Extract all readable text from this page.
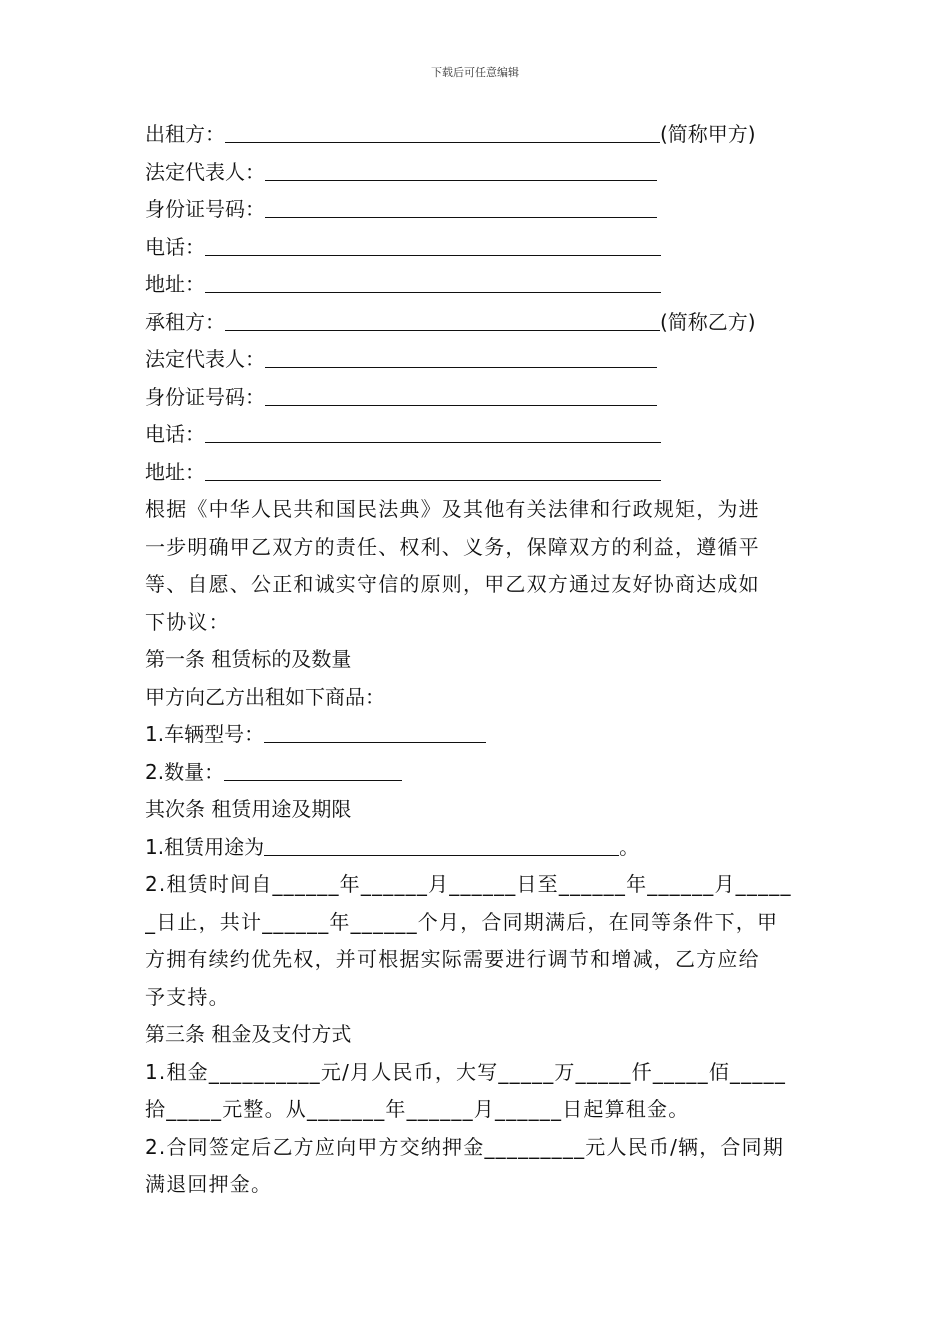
下载后可任意编辑
出租方：	(简称甲方)
法定代表人：
身份证号码：
电话：
地址：
承租方：	(简称乙方)
法定代表人：
身份证号码：
电话：
地址：
根据《中华人民共和国民法典》及其他有关法律和行政规矩，为进
一步明确甲乙双方的责任、权利、义务，保障双方的利益，遵循平
等、自愿、公正和诚实守信的原则，甲乙双方通过友好协商达成如
下协议：
第一条 租赁标的及数量
甲方向乙方出租如下商品：
1.车辆型号：
2.数量：
其次条 租赁用途及期限
1.租赁用途为	。
2.租赁时间自______年______月______日至______年______月_____
_日止，共计______年______个月，合同期满后，在同等条件下，甲
方拥有续约优先权，并可根据实际需要进行调节和增减，乙方应给
予支持。
第三条 租金及支付方式
1.租金__________元/月人民币，大写_____万_____仟_____佰_____
拾_____元整。从_______年______月______日起算租金。
2.合同签定后乙方应向甲方交纳押金_________元人民币/辆，合同期
满退回押金。
